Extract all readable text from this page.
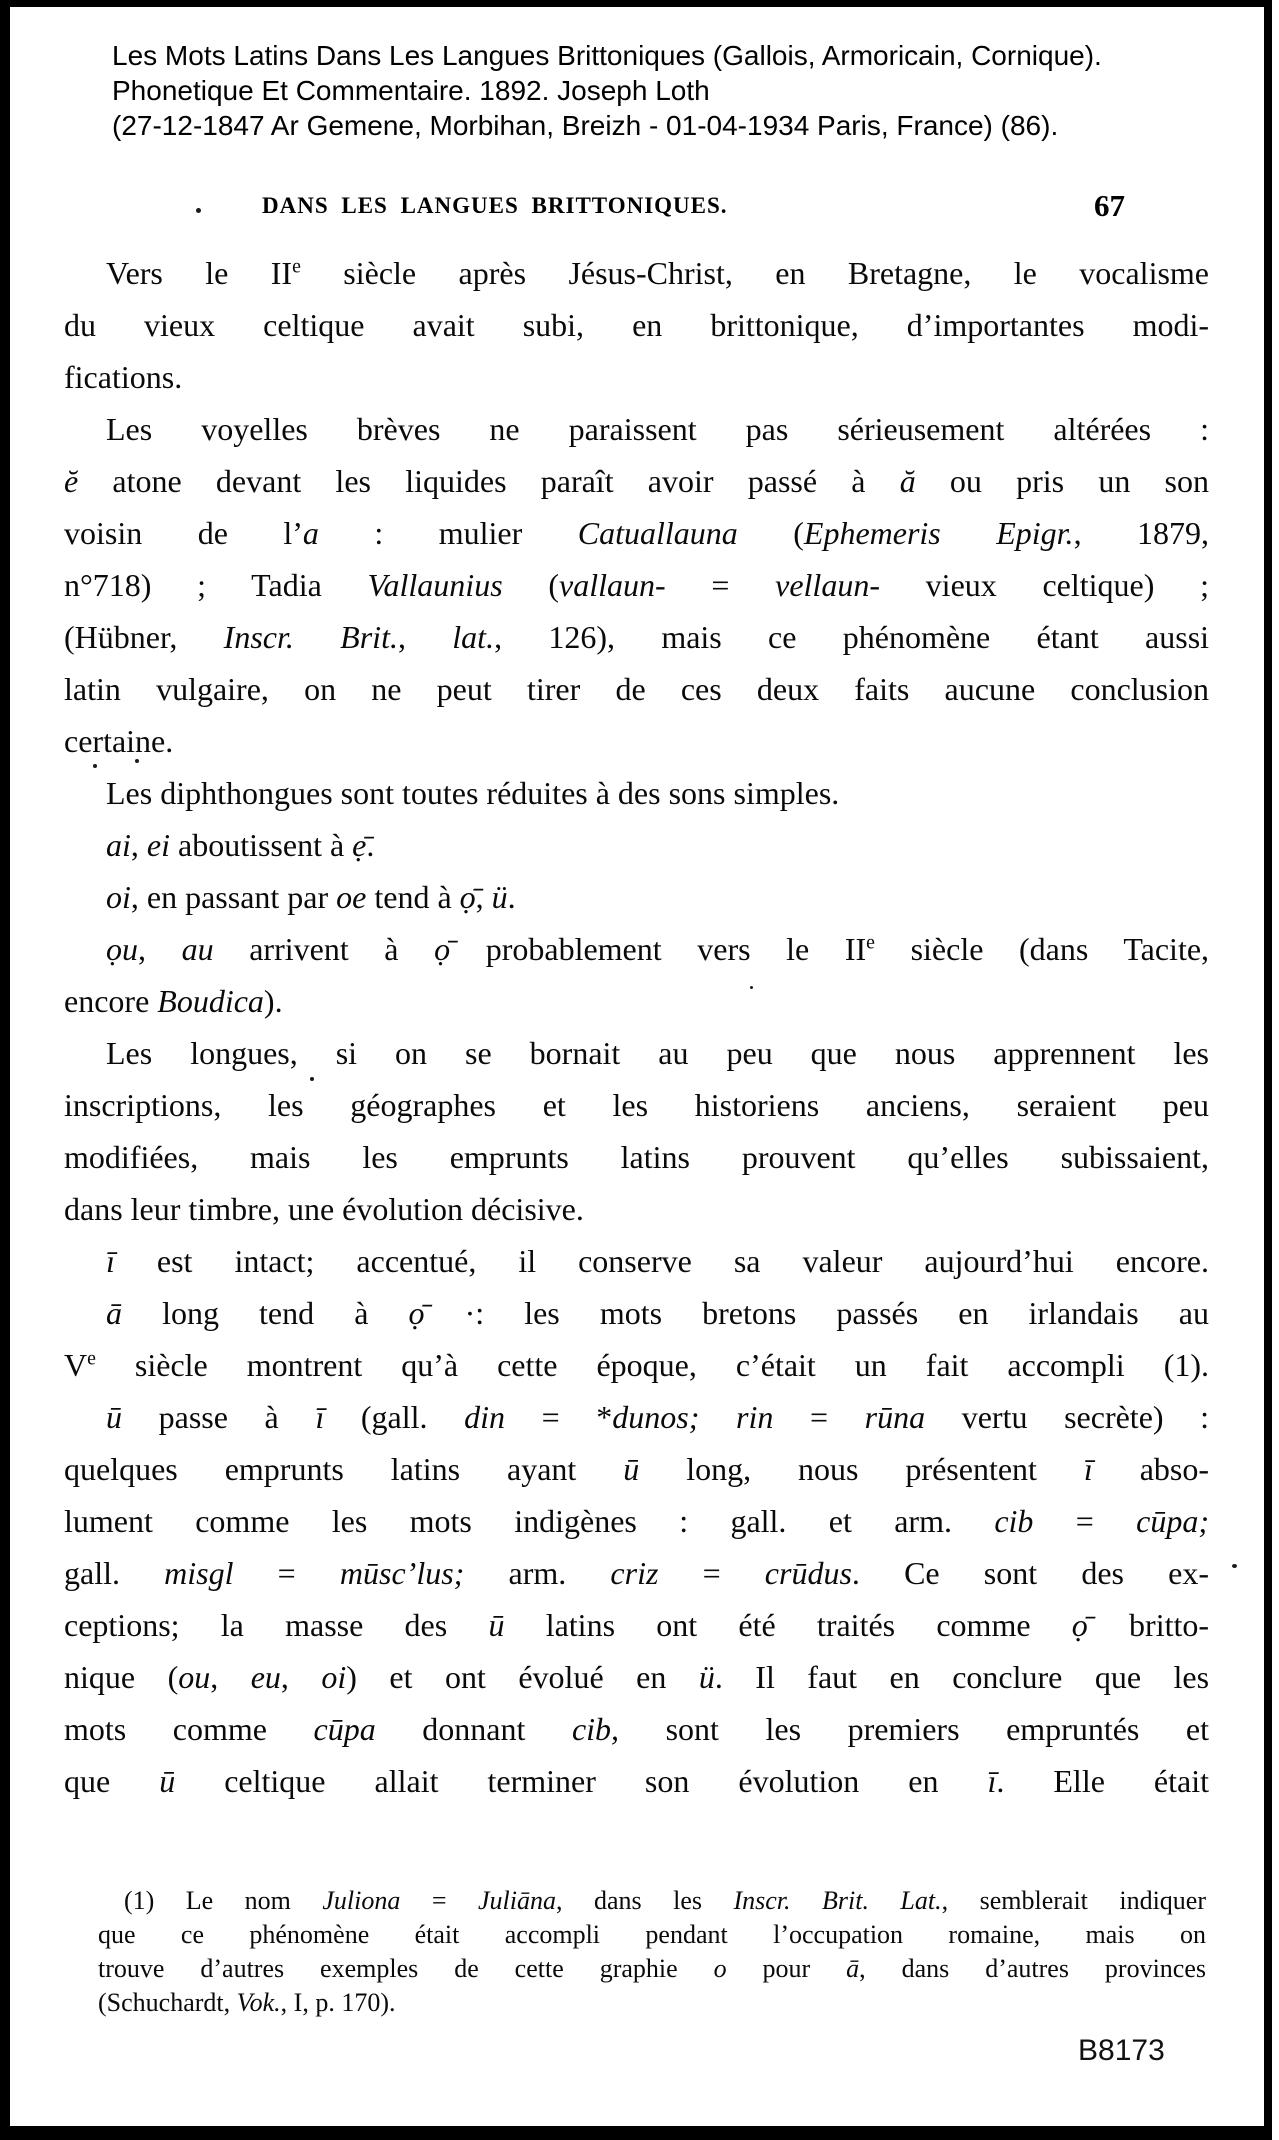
Les Mots Latins Dans Les Langues Brittoniques (Gallois, Armoricain, Cornique).
Phonetique Et Commentaire. 1892. Joseph Loth
(27-12-1847 Ar Gemene, Morbihan, Breizh - 01-04-1934 Paris, France) (86).
DANS LES LANGUES BRITTONIQUES.	67
Vers le IIe siècle après Jésus-Christ, en Bretagne, le vocalisme
du vieux celtique avait subi, en brittonique, d’importantes modi-
fications.
Les voyelles brèves ne paraissent pas sérieusement altérées :
ĕ atone devant les liquides paraît avoir passé à ă ou pris un son
voisin de l’a : mulier Catuallauna (Ephemeris Epigr., 1879,
n°718) ; Tadia Vallaunius (vallaun- = vellaun- vieux celtique) ;
(Hübner, Inscr. Brit., lat., 126), mais ce phénomène étant aussi
latin vulgaire, on ne peut tirer de ces deux faits aucune conclusion
certaine.
Les diphthongues sont toutes réduites à des sons simples.
ai, ei aboutissent à ẹ̄.
oi, en passant par oe tend à ọ̄, ü.
ọu, au arrivent à ọ̄ probablement vers le IIe siècle (dans Tacite,
encore Boudica).
Les longues, si on se bornait au peu que nous apprennent les
inscriptions, les géographes et les historiens anciens, seraient peu
modifiées, mais les emprunts latins prouvent qu’elles subissaient,
dans leur timbre, une évolution décisive.
ī est intact; accentué, il conserve sa valeur aujourd’hui encore.
ā long tend à ọ̄ ·: les mots bretons passés en irlandais au
Ve siècle montrent qu’à cette époque, c’était un fait accompli (1).
ū passe à ī (gall. din = *dunos; rin = rūna vertu secrète) :
quelques emprunts latins ayant ū long, nous présentent ī abso-
lument comme les mots indigènes : gall. et arm. cib = cūpa;
gall. misgl = mūsc’lus; arm. criz = crūdus. Ce sont des ex-
ceptions; la masse des ū latins ont été traités comme ọ̄ britto-
nique (ou, eu, oi) et ont évolué en ü. Il faut en conclure que les
mots comme cūpa donnant cib, sont les premiers empruntés et
que ū celtique allait terminer son évolution en ī. Elle était
(1) Le nom Juliona = Juliāna, dans les Inscr. Brit. Lat., semblerait indiquer
que ce phénomène était accompli pendant l’occupation romaine, mais on
trouve d’autres exemples de cette graphie o pour ā, dans d’autres provinces
(Schuchardt, Vok., I, p. 170).
B8173
